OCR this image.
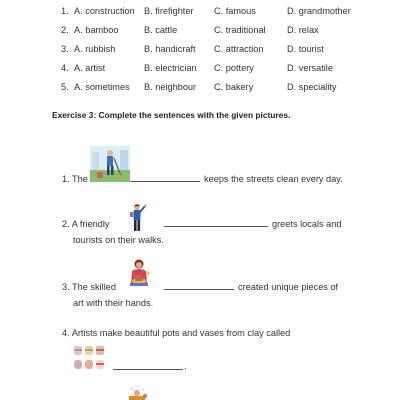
1. A. construction B. firefighter C. famous	D. grandmother
2. A. bamboo	B. cattle	C. traditional D. relax
3. A. rubbish	B. handicraft C. attraction	D. tourist
4. A. artist	B. electrician C. pottery	D. versatile
5. A. sometimes B. neighbour C. bakery	D. speciality
Exercise 3: Complete the sentences with the given pictures.
1. The	keeps the streets clean every day.
2. A friendly	greets locals and
tourists on their walks.
3. The skilled	created unique pieces of
art with their hands.
4. Artists make beautiful pots and vases from clay called
.
